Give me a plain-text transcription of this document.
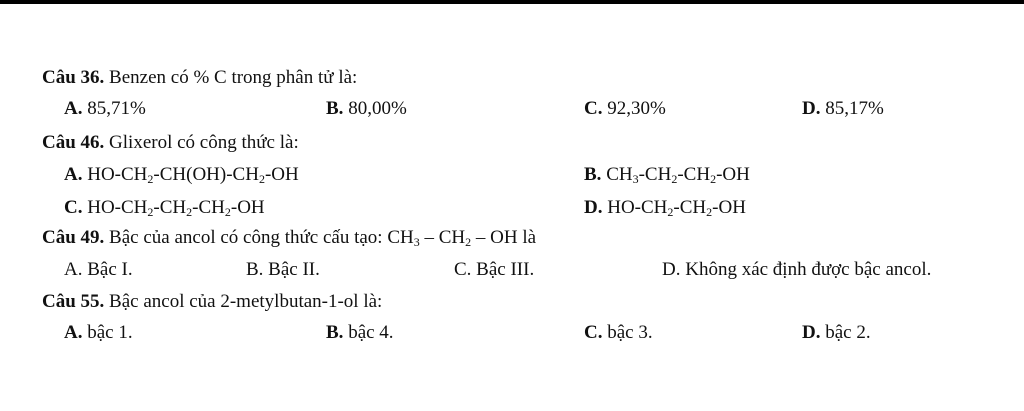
Câu 36. Benzen có % C trong phân tử là:
A. 85,71%	B. 80,00%	C. 92,30%	D. 85,17%
Câu 46. Glixerol có công thức là:
A. $HO-CH_2-CH(OH)-CH_2-OH$	B. $CH_3-CH_2-CH_2-OH$
C. $HO-CH_2-CH_2-CH_2-OH$	D. $HO-CH_2-CH_2-OH$
Câu 49. Bậc của ancol có công thức cấu tạo: $CH_3 - CH_2$ – OH là
A. Bậc I.	B. Bậc II.	C. Bậc III.	D. Không xác định được bậc ancol.
Câu 55. Bậc ancol của 2-metylbutan-1-ol là:
A. bậc 1.	B. bậc 4.	C. bậc 3.	D. bậc 2.
